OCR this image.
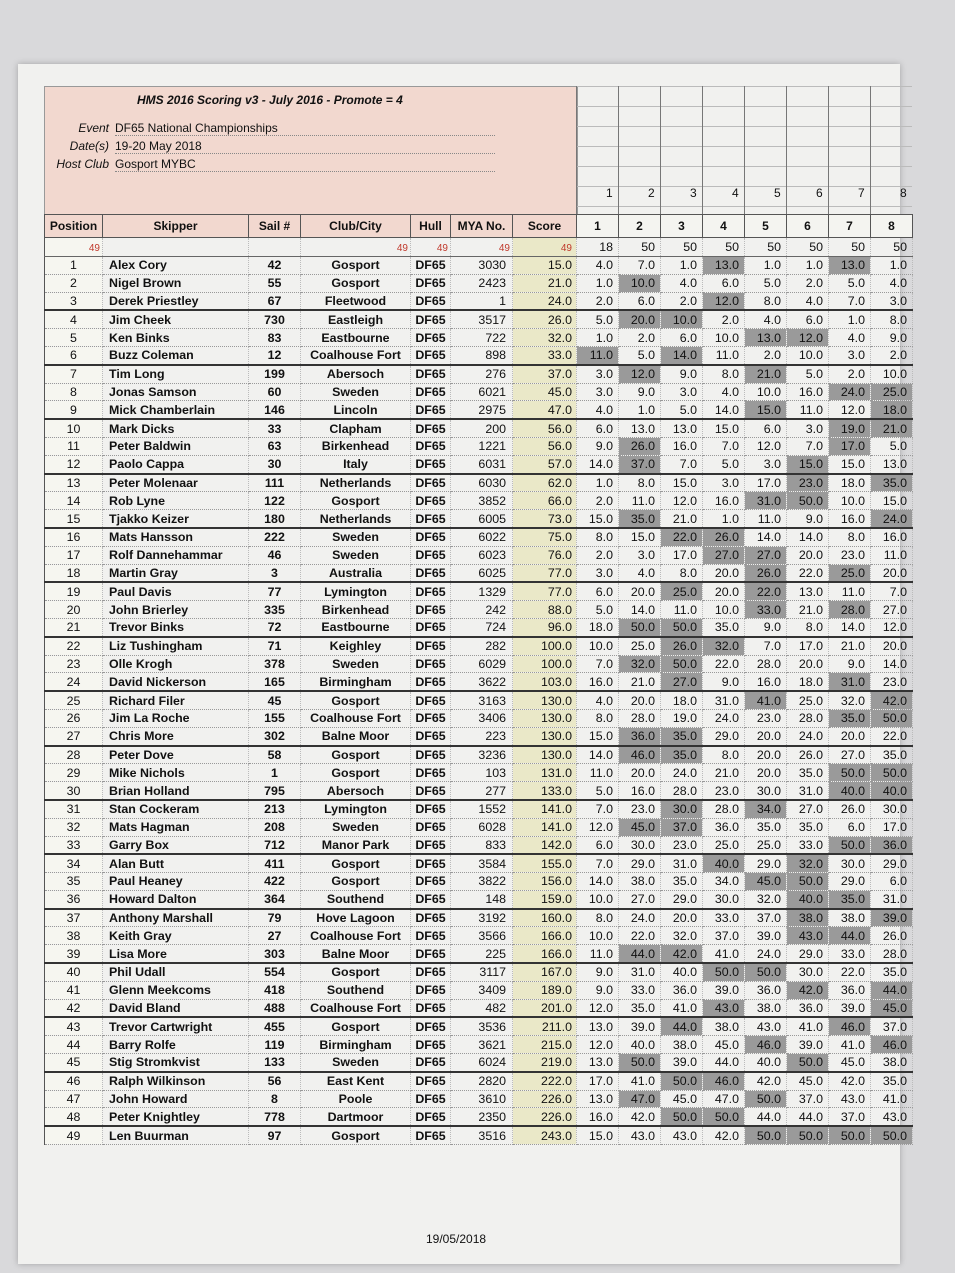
HMS 2016 Scoring v3 - July 2016 - Promote = 4
Event DF65 National Championships
Date(s) 19-20 May 2018
Host Club Gosport MYBC
1	2	3	4	5	6	7	8
Position	Skipper	Sail #	Club/City	Hull	MYA No.	Score	1	2	3	4	5	6	7	8
49			49	49	49	49	18	50	50	50	50	50	50	50
1	Alex Cory	42	Gosport	DF65	3030	15.0	4.0	7.0	1.0	13.0	1.0	1.0	13.0	1.0
2	Nigel Brown	55	Gosport	DF65	2423	21.0	1.0	10.0	4.0	6.0	5.0	2.0	5.0	4.0
3	Derek Priestley	67	Fleetwood	DF65	1	24.0	2.0	6.0	2.0	12.0	8.0	4.0	7.0	3.0
4	Jim Cheek	730	Eastleigh	DF65	3517	26.0	5.0	20.0	10.0	2.0	4.0	6.0	1.0	8.0
5	Ken Binks	83	Eastbourne	DF65	722	32.0	1.0	2.0	6.0	10.0	13.0	12.0	4.0	9.0
6	Buzz Coleman	12	Coalhouse Fort	DF65	898	33.0	11.0	5.0	14.0	11.0	2.0	10.0	3.0	2.0
7	Tim Long	199	Abersoch	DF65	276	37.0	3.0	12.0	9.0	8.0	21.0	5.0	2.0	10.0
8	Jonas Samson	60	Sweden	DF65	6021	45.0	3.0	9.0	3.0	4.0	10.0	16.0	24.0	25.0
9	Mick Chamberlain	146	Lincoln	DF65	2975	47.0	4.0	1.0	5.0	14.0	15.0	11.0	12.0	18.0
10	Mark Dicks	33	Clapham	DF65	200	56.0	6.0	13.0	13.0	15.0	6.0	3.0	19.0	21.0
11	Peter Baldwin	63	Birkenhead	DF65	1221	56.0	9.0	26.0	16.0	7.0	12.0	7.0	17.0	5.0
12	Paolo Cappa	30	Italy	DF65	6031	57.0	14.0	37.0	7.0	5.0	3.0	15.0	15.0	13.0
13	Peter Molenaar	111	Netherlands	DF65	6030	62.0	1.0	8.0	15.0	3.0	17.0	23.0	18.0	35.0
14	Rob Lyne	122	Gosport	DF65	3852	66.0	2.0	11.0	12.0	16.0	31.0	50.0	10.0	15.0
15	Tjakko Keizer	180	Netherlands	DF65	6005	73.0	15.0	35.0	21.0	1.0	11.0	9.0	16.0	24.0
16	Mats Hansson	222	Sweden	DF65	6022	75.0	8.0	15.0	22.0	26.0	14.0	14.0	8.0	16.0
17	Rolf Dannehammar	46	Sweden	DF65	6023	76.0	2.0	3.0	17.0	27.0	27.0	20.0	23.0	11.0
18	Martin Gray	3	Australia	DF65	6025	77.0	3.0	4.0	8.0	20.0	26.0	22.0	25.0	20.0
19	Paul Davis	77	Lymington	DF65	1329	77.0	6.0	20.0	25.0	20.0	22.0	13.0	11.0	7.0
20	John Brierley	335	Birkenhead	DF65	242	88.0	5.0	14.0	11.0	10.0	33.0	21.0	28.0	27.0
21	Trevor Binks	72	Eastbourne	DF65	724	96.0	18.0	50.0	50.0	35.0	9.0	8.0	14.0	12.0
22	Liz Tushingham	71	Keighley	DF65	282	100.0	10.0	25.0	26.0	32.0	7.0	17.0	21.0	20.0
23	Olle Krogh	378	Sweden	DF65	6029	100.0	7.0	32.0	50.0	22.0	28.0	20.0	9.0	14.0
24	David Nickerson	165	Birmingham	DF65	3622	103.0	16.0	21.0	27.0	9.0	16.0	18.0	31.0	23.0
25	Richard Filer	45	Gosport	DF65	3163	130.0	4.0	20.0	18.0	31.0	41.0	25.0	32.0	42.0
26	Jim La Roche	155	Coalhouse Fort	DF65	3406	130.0	8.0	28.0	19.0	24.0	23.0	28.0	35.0	50.0
27	Chris More	302	Balne Moor	DF65	223	130.0	15.0	36.0	35.0	29.0	20.0	24.0	20.0	22.0
28	Peter Dove	58	Gosport	DF65	3236	130.0	14.0	46.0	35.0	8.0	20.0	26.0	27.0	35.0
29	Mike Nichols	1	Gosport	DF65	103	131.0	11.0	20.0	24.0	21.0	20.0	35.0	50.0	50.0
30	Brian Holland	795	Abersoch	DF65	277	133.0	5.0	16.0	28.0	23.0	30.0	31.0	40.0	40.0
31	Stan Cockeram	213	Lymington	DF65	1552	141.0	7.0	23.0	30.0	28.0	34.0	27.0	26.0	30.0
32	Mats Hagman	208	Sweden	DF65	6028	141.0	12.0	45.0	37.0	36.0	35.0	35.0	6.0	17.0
33	Garry Box	712	Manor Park	DF65	833	142.0	6.0	30.0	23.0	25.0	25.0	33.0	50.0	36.0
34	Alan Butt	411	Gosport	DF65	3584	155.0	7.0	29.0	31.0	40.0	29.0	32.0	30.0	29.0
35	Paul Heaney	422	Gosport	DF65	3822	156.0	14.0	38.0	35.0	34.0	45.0	50.0	29.0	6.0
36	Howard Dalton	364	Southend	DF65	148	159.0	10.0	27.0	29.0	30.0	32.0	40.0	35.0	31.0
37	Anthony Marshall	79	Hove Lagoon	DF65	3192	160.0	8.0	24.0	20.0	33.0	37.0	38.0	38.0	39.0
38	Keith Gray	27	Coalhouse Fort	DF65	3566	166.0	10.0	22.0	32.0	37.0	39.0	43.0	44.0	26.0
39	Lisa More	303	Balne Moor	DF65	225	166.0	11.0	44.0	42.0	41.0	24.0	29.0	33.0	28.0
40	Phil Udall	554	Gosport	DF65	3117	167.0	9.0	31.0	40.0	50.0	50.0	30.0	22.0	35.0
41	Glenn Meekcoms	418	Southend	DF65	3409	189.0	9.0	33.0	36.0	39.0	36.0	42.0	36.0	44.0
42	David Bland	488	Coalhouse Fort	DF65	482	201.0	12.0	35.0	41.0	43.0	38.0	36.0	39.0	45.0
43	Trevor Cartwright	455	Gosport	DF65	3536	211.0	13.0	39.0	44.0	38.0	43.0	41.0	46.0	37.0
44	Barry Rolfe	119	Birmingham	DF65	3621	215.0	12.0	40.0	38.0	45.0	46.0	39.0	41.0	46.0
45	Stig Stromkvist	133	Sweden	DF65	6024	219.0	13.0	50.0	39.0	44.0	40.0	50.0	45.0	38.0
46	Ralph Wilkinson	56	East Kent	DF65	2820	222.0	17.0	41.0	50.0	46.0	42.0	45.0	42.0	35.0
47	John Howard	8	Poole	DF65	3610	226.0	13.0	47.0	45.0	47.0	50.0	37.0	43.0	41.0
48	Peter Knightley	778	Dartmoor	DF65	2350	226.0	16.0	42.0	50.0	50.0	44.0	44.0	37.0	43.0
49	Len Buurman	97	Gosport	DF65	3516	243.0	15.0	43.0	43.0	42.0	50.0	50.0	50.0	50.0
19/05/2018
